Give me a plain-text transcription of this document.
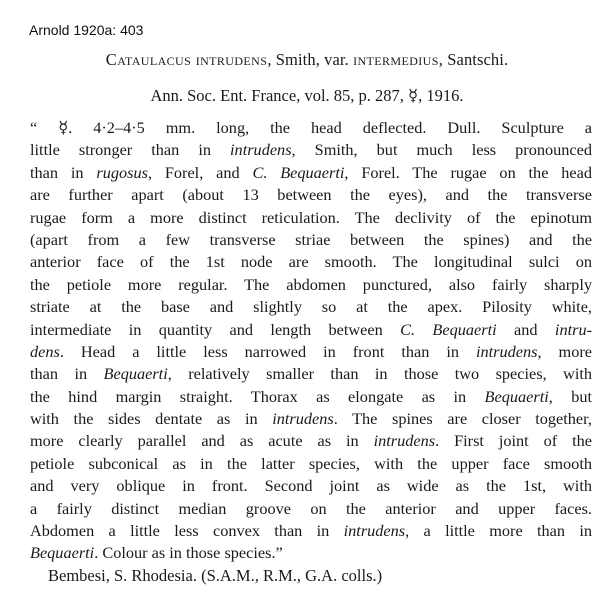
Arnold 1920a: 403
Cataulacus intrudens, Smith, var. intermedius, Santschi.
Ann. Soc. Ent. France, vol. 85, p. 287, ☿, 1916.
“ ☿. 4·2–4·5 mm. long, the head deflected. Dull. Sculpture a
little stronger than in intrudens, Smith, but much less pronounced
than in rugosus, Forel, and C. Bequaerti, Forel. The rugae on the head
are further apart (about 13 between the eyes), and the transverse
rugae form a more distinct reticulation. The declivity of the epinotum
(apart from a few transverse striae between the spines) and the
anterior face of the 1st node are smooth. The longitudinal sulci on
the petiole more regular. The abdomen punctured, also fairly sharply
striate at the base and slightly so at the apex. Pilosity white,
intermediate in quantity and length between C. Bequaerti and intru-
dens. Head a little less narrowed in front than in intrudens, more
than in Bequaerti, relatively smaller than in those two species, with
the hind margin straight. Thorax as elongate as in Bequaerti, but
with the sides dentate as in intrudens. The spines are closer together,
more clearly parallel and as acute as in intrudens. First joint of the
petiole subconical as in the latter species, with the upper face smooth
and very oblique in front. Second joint as wide as the 1st, with
a fairly distinct median groove on the anterior and upper faces.
Abdomen a little less convex than in intrudens, a little more than in
Bequaerti. Colour as in those species.”
Bembesi, S. Rhodesia. (S.A.M., R.M., G.A. colls.)
